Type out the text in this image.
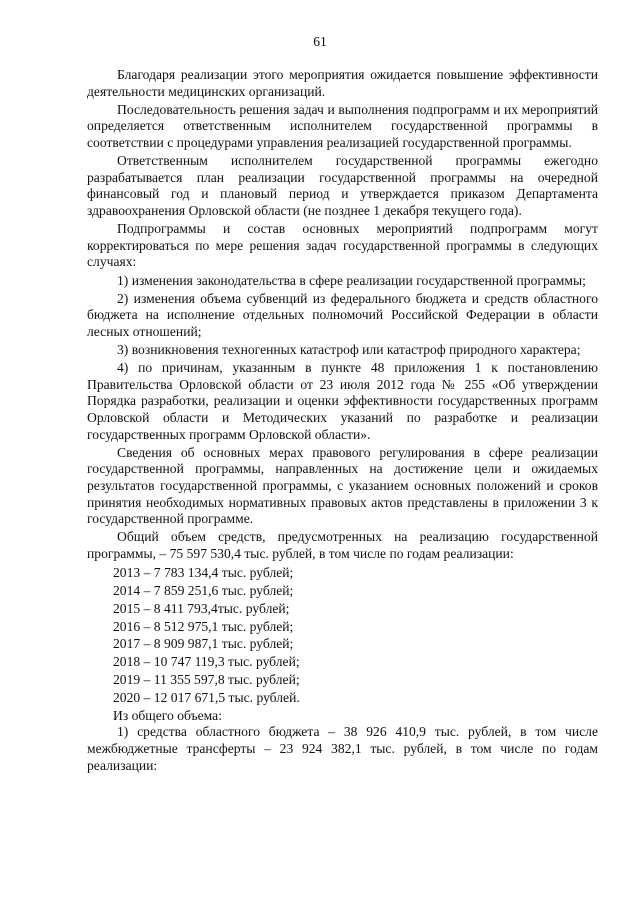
61

Благодаря реализации этого мероприятия ожидается повышение эффективности деятельности медицинских организаций.

Последовательность решения задач и выполнения подпрограмм и их мероприятий определяется ответственным исполнителем государственной программы в соответствии с процедурами управления реализацией государственной программы.

Ответственным исполнителем государственной программы ежегодно разрабатывается план реализации государственной программы на очередной финансовый год и плановый период и утверждается приказом Департамента здравоохранения Орловской области (не позднее 1 декабря текущего года).

Подпрограммы и состав основных мероприятий подпрограмм могут корректироваться по мере решения задач государственной программы в следующих случаях:

1) изменения законодательства в сфере реализации государственной программы;

2) изменения объема субвенций из федерального бюджета и средств областного бюджета на исполнение отдельных полномочий Российской Федерации в области лесных отношений;

3) возникновения техногенных катастроф или катастроф природного характера;

4) по причинам, указанным в пункте 48 приложения 1 к постановлению Правительства Орловской области от 23 июля 2012 года № 255 «Об утверждении Порядка разработки, реализации и оценки эффективности государственных программ Орловской области и Методических указаний по разработке и реализации государственных программ Орловской области».

Сведения об основных мерах правового регулирования в сфере реализации государственной программы, направленных на достижение цели и ожидаемых результатов государственной программы, с указанием основных положений и сроков принятия необходимых нормативных правовых актов представлены в приложении 3 к государственной программе.

Общий объем средств, предусмотренных на реализацию государственной программы, – 75 597 530,4 тыс. рублей, в том числе по годам реализации:

2013 – 7 783 134,4 тыс. рублей;

2014 – 7 859 251,6 тыс. рублей;

2015 – 8 411 793,4тыс. рублей;

2016 – 8 512 975,1 тыс. рублей;

2017 – 8 909 987,1 тыс. рублей;

2018 – 10 747 119,3 тыс. рублей;

2019 – 11 355 597,8 тыс. рублей;

2020 – 12 017 671,5 тыс. рублей.

Из общего объема:

1) средства областного бюджета – 38 926 410,9 тыс. рублей, в том числе межбюджетные трансферты – 23 924 382,1 тыс. рублей, в том числе по годам реализации:
